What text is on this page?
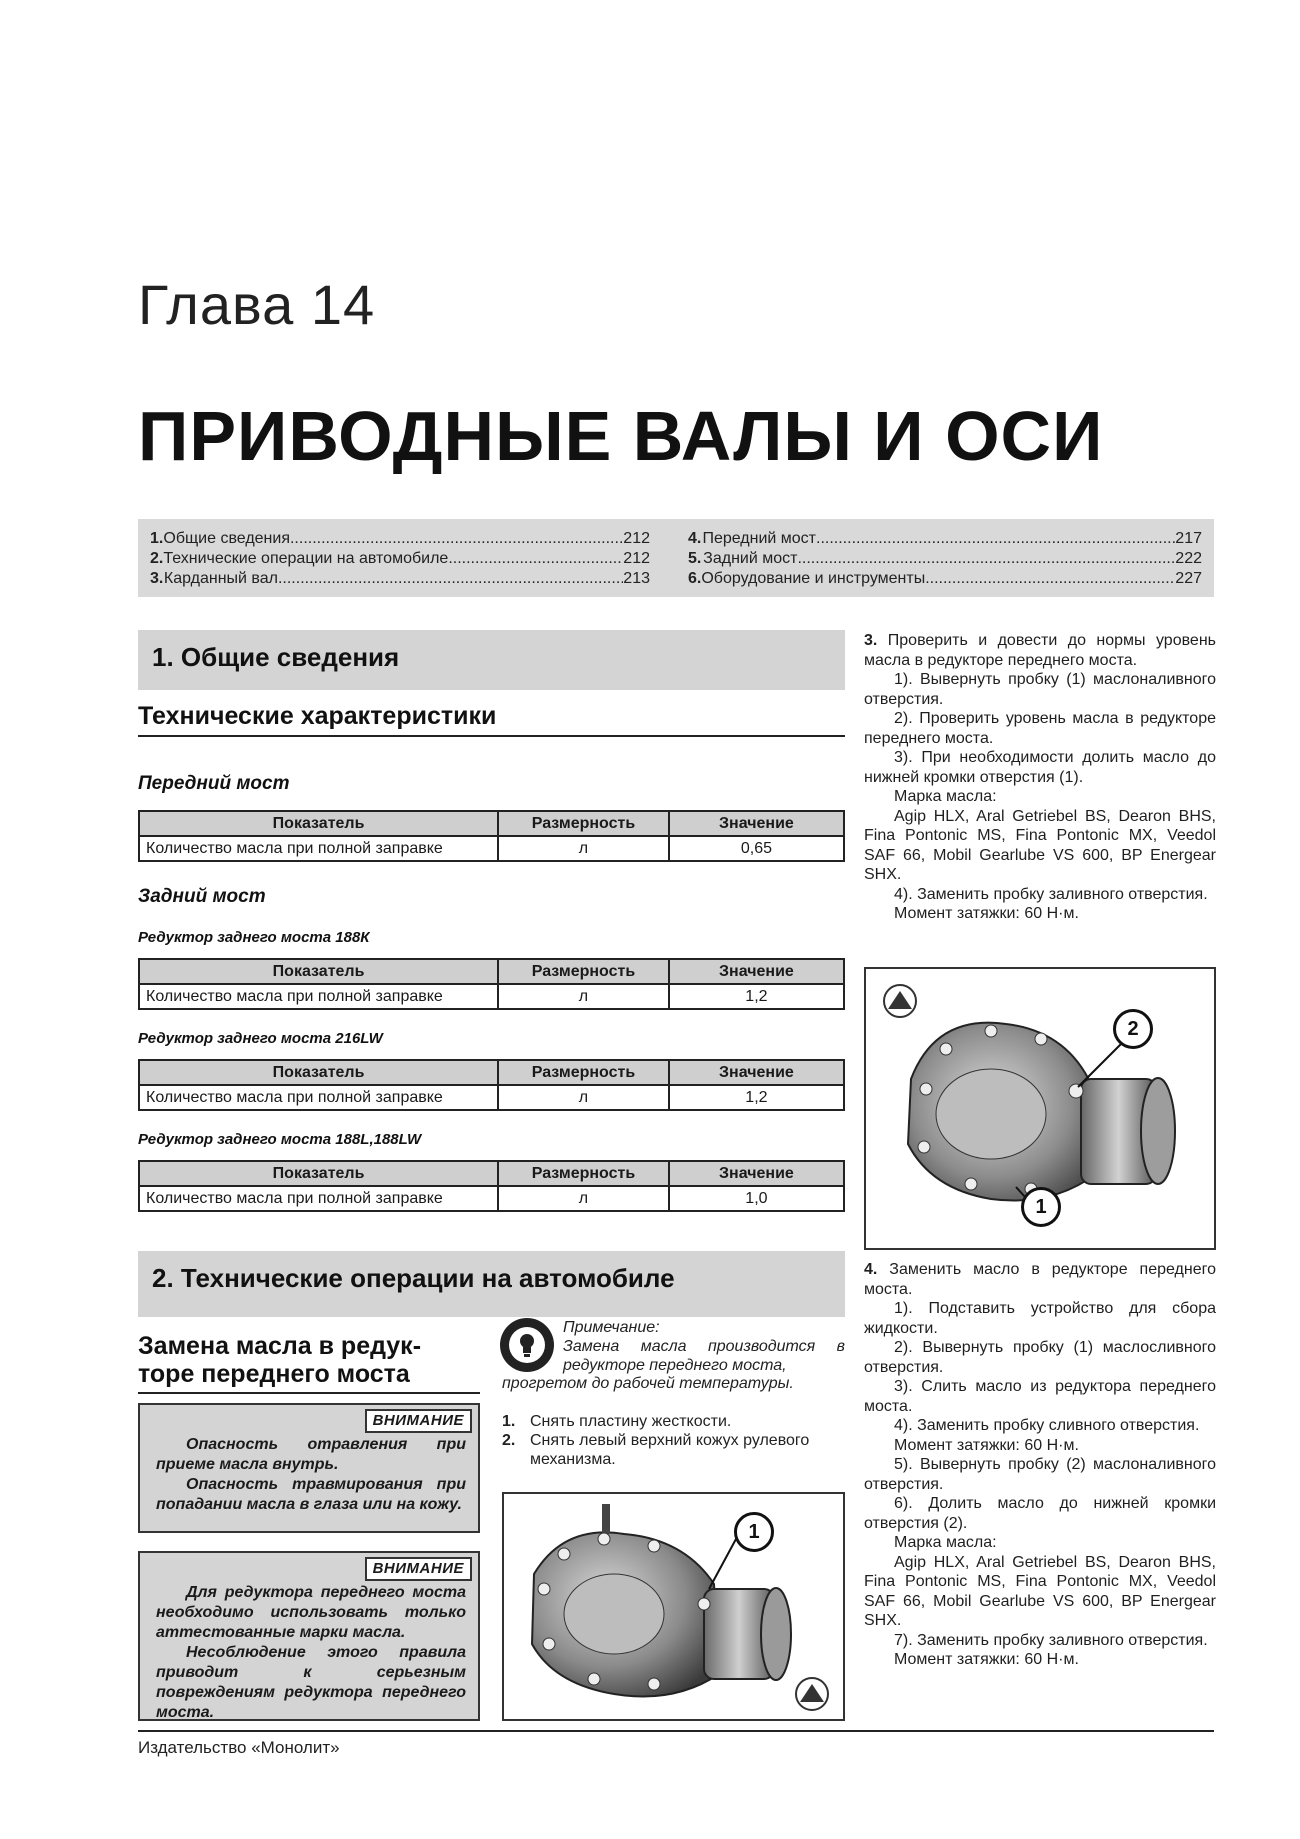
Глава 14
ПРИВОДНЫЕ ВАЛЫ И ОСИ
1. Общие сведения .....	212
2. Технические операции на автомобиле .....	212
3. Карданный вал .....	213
4. Передний мост .....	217
5. Задний мост .....	222
6. Оборудование и инструменты .....	227
1. Общие сведения
Технические характеристики
Передний мост
Показатель	Размерность	Значение
Количество масла при полной заправке	л	0,65
Задний мост
Редуктор заднего моста 188К
Показатель	Размерность	Значение
Количество масла при полной заправке	л	1,2
Редуктор заднего моста 216LW
Показатель	Размерность	Значение
Количество масла при полной заправке	л	1,2
Редуктор заднего моста 188L,188LW
Показатель	Размерность	Значение
Количество масла при полной заправке	л	1,0
2. Технические операции на автомобиле
Замена масла в редук-
торе переднего моста
ВНИМАНИЕ

Опасность отравления при приеме масла внутрь.

Опасность травмирования при попадании масла в глаза или на кожу.

ВНИМАНИЕ

Для редуктора переднего моста необходимо использовать только аттестованные марки масла.

Несоблюдение этого правила приводит к серьезным повреждениям редуктора переднего моста.

Примечание:
Замена масла производится в редукторе переднего моста,
прогретом до рабочей температуры.
1. Снять пластину жесткости.
2. Снять левый верхний кожух рулевого механизма.
1

3. Проверить и довести до нормы уровень масла в редукторе переднего моста.

1). Вывернуть пробку (1) маслоналивного отверстия.

2). Проверить уровень масла в редукторе переднего моста.

3). При необходимости долить масло до нижней кромки отверстия (1).

Марка масла:

Agip HLX, Aral Getriebel BS, Dearon BHS, Fina Pontonic MS, Fina Pontonic MX, Veedol SAF 66, Mobil Gearlube VS 600, BP Energear SHX.

4). Заменить пробку заливного отверстия.

Момент затяжки: 60 Н·м.

2
1

4. Заменить масло в редукторе переднего моста.

1). Подставить устройство для сбора жидкости.

2). Вывернуть пробку (1) маслосливного отверстия.

3). Слить масло из редуктора переднего моста.

4). Заменить пробку сливного отверстия.

Момент затяжки: 60 Н·м.

5). Вывернуть пробку (2) маслоналивного отверстия.

6). Долить масло до нижней кромки отверстия (2).

Марка масла:

Agip HLX, Aral Getriebel BS, Dearon BHS, Fina Pontonic MS, Fina Pontonic MX, Veedol SAF 66, Mobil Gearlube VS 600, BP Energear SHX.

7). Заменить пробку заливного отверстия.

Момент затяжки: 60 Н·м.

Издательство «Монолит»
